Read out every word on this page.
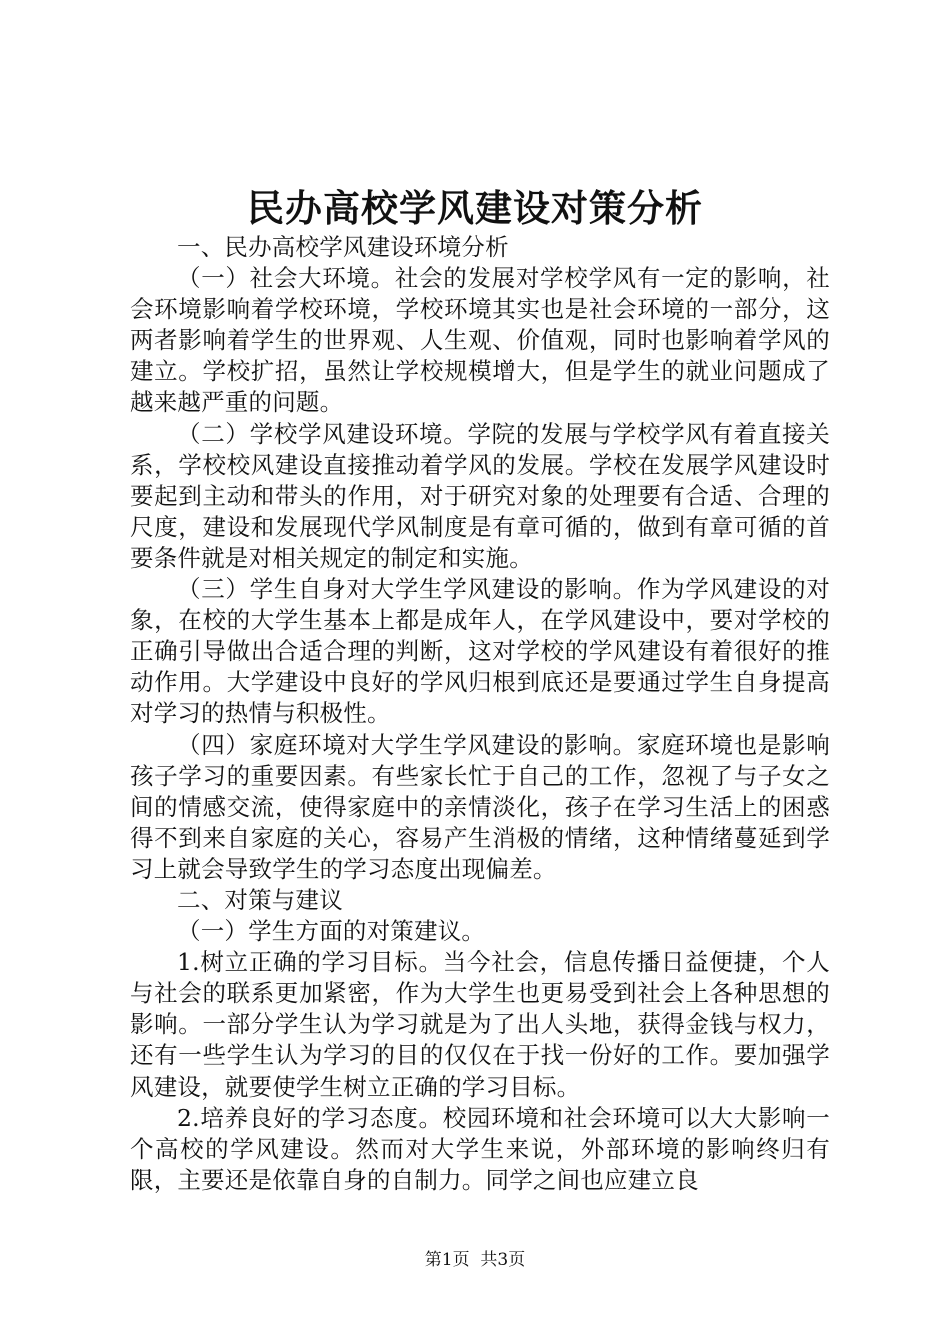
民办高校学风建设对策分析

一、民办高校学风建设环境分析

（一）社会大环境。社会的发展对学校学风有一定的影响，社会环境影响着学校环境，学校环境其实也是社会环境的一部分，这两者影响着学生的世界观、人生观、价值观，同时也影响着学风的建立。学校扩招，虽然让学校规模增大，但是学生的就业问题成了越来越严重的问题。

（二）学校学风建设环境。学院的发展与学校学风有着直接关系，学校校风建设直接推动着学风的发展。学校在发展学风建设时要起到主动和带头的作用，对于研究对象的处理要有合适、合理的尺度，建设和发展现代学风制度是有章可循的，做到有章可循的首要条件就是对相关规定的制定和实施。

（三）学生自身对大学生学风建设的影响。作为学风建设的对象，在校的大学生基本上都是成年人，在学风建设中，要对学校的正确引导做出合适合理的判断，这对学校的学风建设有着很好的推动作用。大学建设中良好的学风归根到底还是要通过学生自身提高对学习的热情与积极性。

（四）家庭环境对大学生学风建设的影响。家庭环境也是影响孩子学习的重要因素。有些家长忙于自己的工作，忽视了与子女之间的情感交流，使得家庭中的亲情淡化，孩子在学习生活上的困惑得不到来自家庭的关心，容易产生消极的情绪，这种情绪蔓延到学习上就会导致学生的学习态度出现偏差。

二、对策与建议

（一）学生方面的对策建议。

1.树立正确的学习目标。当今社会，信息传播日益便捷，个人与社会的联系更加紧密，作为大学生也更易受到社会上各种思想的影响。一部分学生认为学习就是为了出人头地，获得金钱与权力，还有一些学生认为学习的目的仅仅在于找一份好的工作。要加强学风建设，就要使学生树立正确的学习目标。

2.培养良好的学习态度。校园环境和社会环境可以大大影响一个高校的学风建设。然而对大学生来说，外部环境的影响终归有限，主要还是依靠自身的自制力。同学之间也应建立良

第1页 共3页
